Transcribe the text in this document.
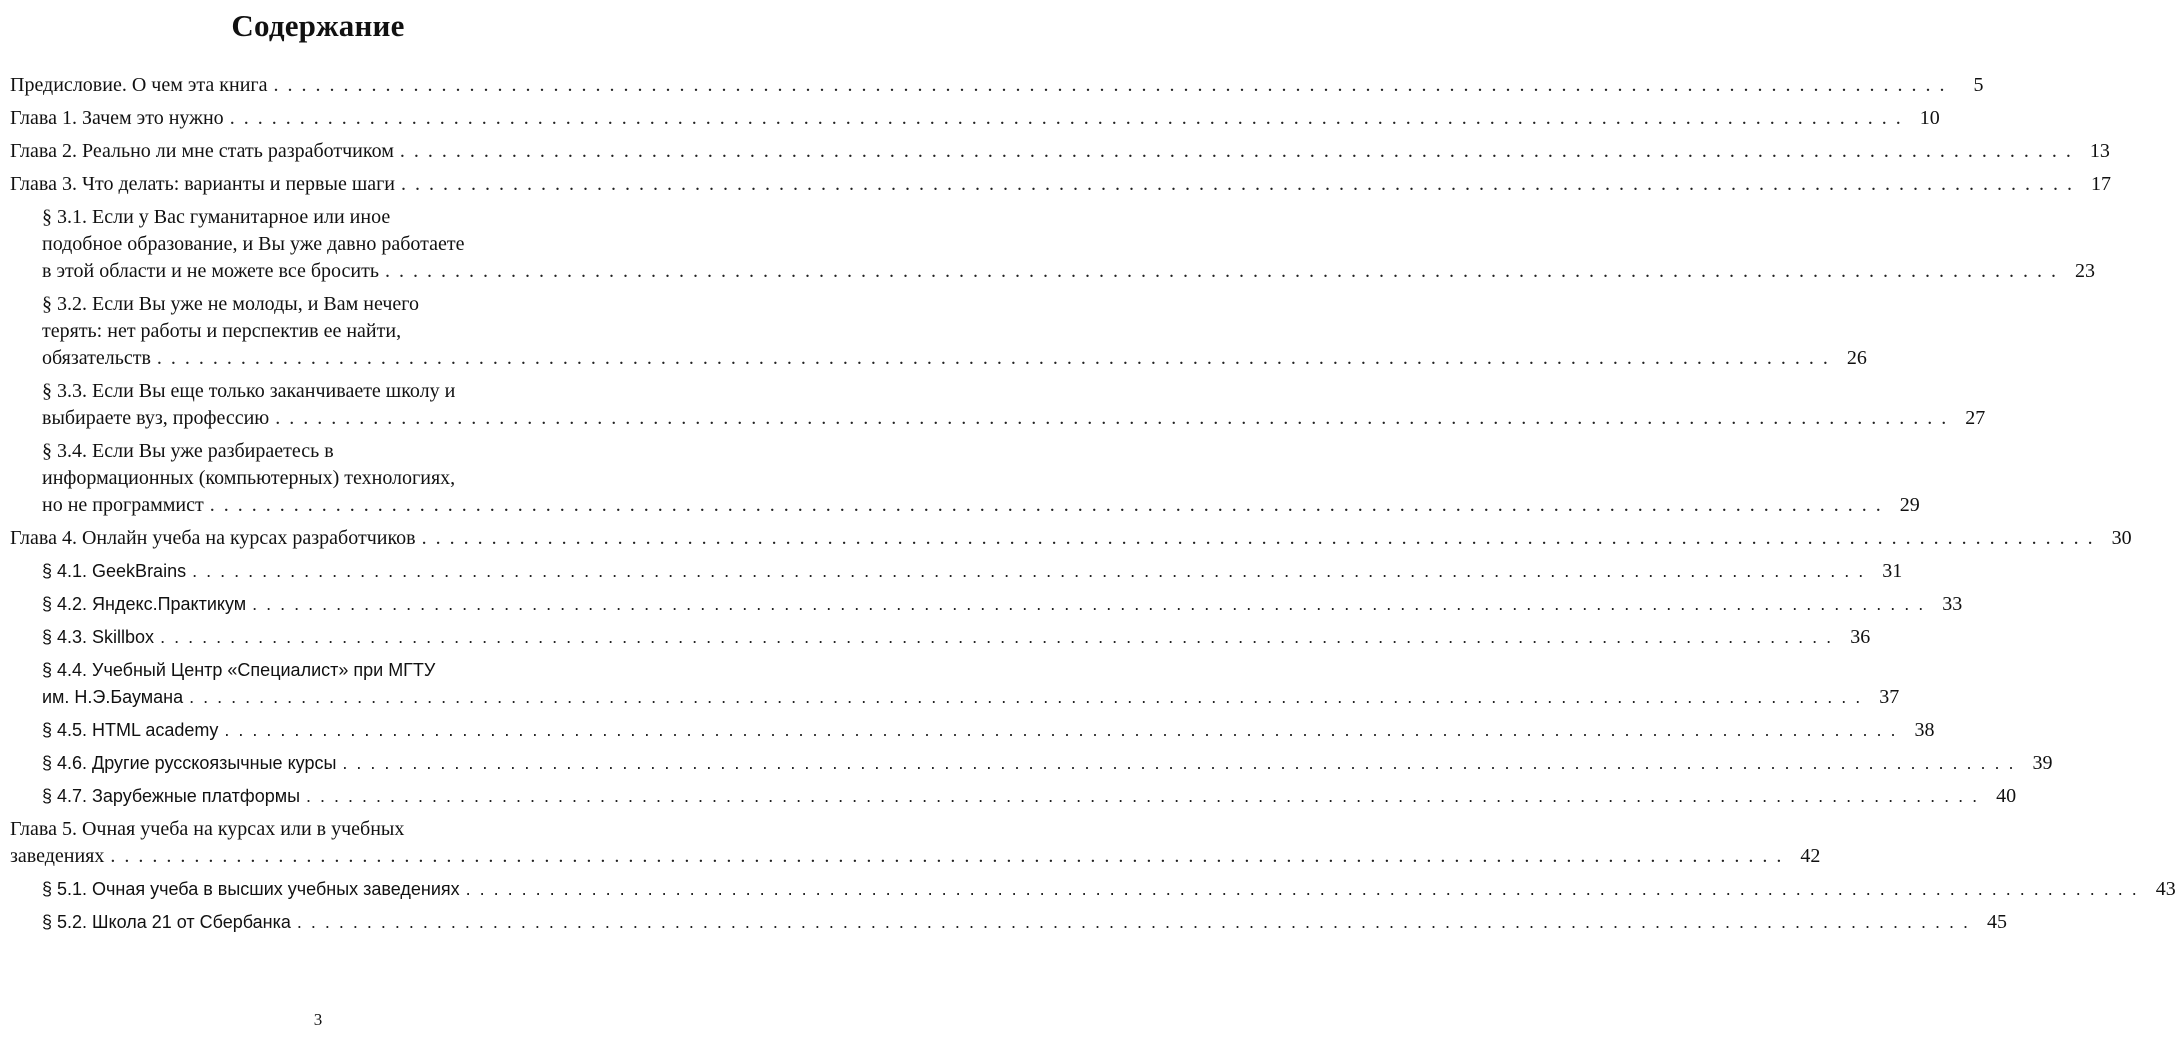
Содержание
Предисловие. О чем эта книга ........................................................................................................................	5
Глава 1. Зачем это нужно ........................................................................................................................ 10
Глава 2. Реально ли мне стать разработчиком ........................................................................................................................ 13
Глава 3. Что делать: варианты и первые шаги ........................................................................................................................ 17
§ 3.1. Если у Вас гуманитарное или иное
подобное образование, и Вы уже давно работаете
в этой области и не можете все бросить ........................................................................................................................ 23
§ 3.2. Если Вы уже не молоды, и Вам нечего
терять: нет работы и перспектив ее найти,
обязательств ........................................................................................................................ 26
§ 3.3. Если Вы еще только заканчиваете школу и
выбираете вуз, профессию ........................................................................................................................ 27
§ 3.4. Если Вы уже разбираетесь в
информационных (компьютерных) технологиях,
но не программист ........................................................................................................................ 29
Глава 4. Онлайн учеба на курсах разработчиков ........................................................................................................................ 30
§ 4.1. GeekBrains ........................................................................................................................ 31
§ 4.2. Яндекс.Практикум ........................................................................................................................ 33
§ 4.3. Skillbox ........................................................................................................................ 36
§ 4.4. Учебный Центр «Специалист» при МГТУ
им. Н.Э.Баумана ........................................................................................................................ 37
§ 4.5. HTML academy ........................................................................................................................ 38
§ 4.6. Другие русскоязычные курсы ........................................................................................................................ 39
§ 4.7. Зарубежные платформы ........................................................................................................................ 40
Глава 5. Очная учеба на курсах или в учебных
заведениях ........................................................................................................................ 42
§ 5.1. Очная учеба в высших учебных заведениях ........................................................................................................................ 43
§ 5.2. Школа 21 от Сбербанка ........................................................................................................................ 45
3
